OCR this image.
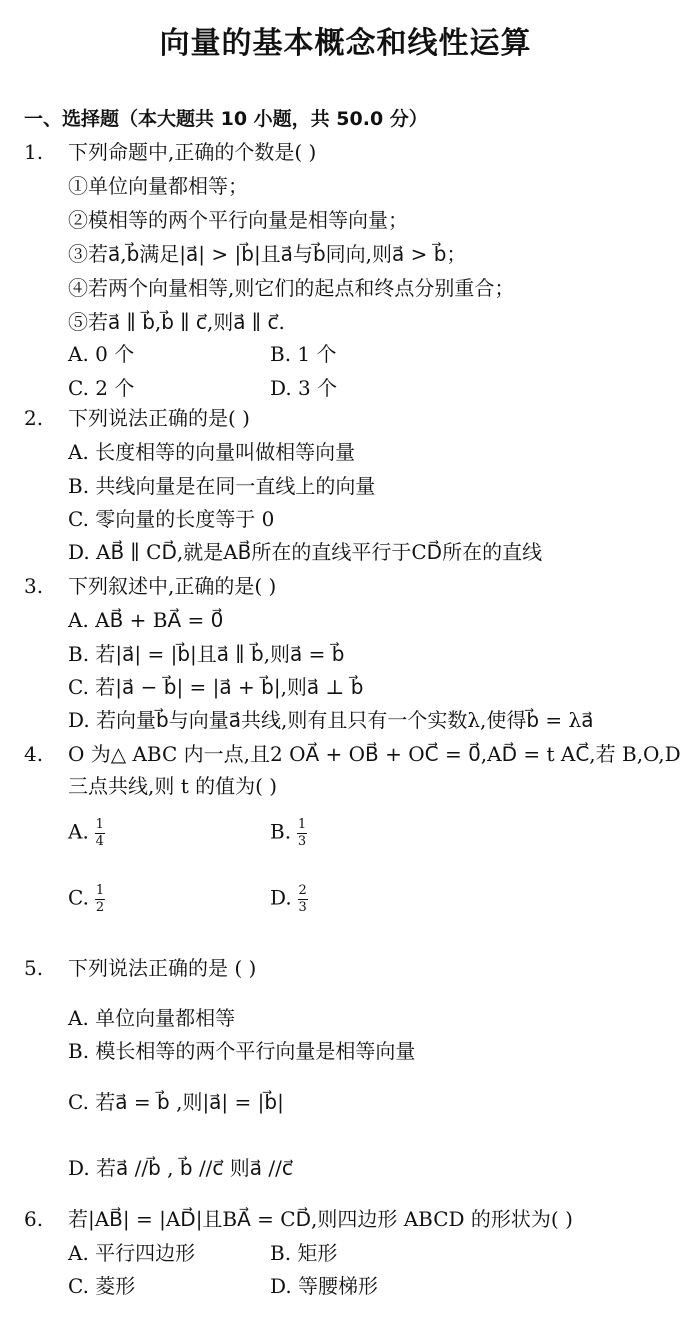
向量的基本概念和线性运算
一、选择题（本大题共 10 小题，共 50.0 分）
1. 下列命题中,正确的个数是( )
①单位向量都相等；
②模相等的两个平行向量是相等向量；
③若a⃗,b⃗满足|a⃗| > |b⃗|且a⃗与b⃗同向,则a⃗ > b⃗；
④若两个向量相等,则它们的起点和终点分别重合；
⑤若a⃗ ∥ b⃗,b⃗ ∥ c⃗,则a⃗ ∥ c⃗.
A. 0 个	B. 1 个
C. 2 个	D. 3 个
2. 下列说法正确的是( )
A. 长度相等的向量叫做相等向量
B. 共线向量是在同一直线上的向量
C. 零向量的长度等于 0
D. AB⃗ ∥ CD⃗,就是AB⃗所在的直线平行于CD⃗所在的直线
3. 下列叙述中,正确的是( )
A. AB⃗ + BA⃗ = 0⃗
B. 若|a⃗| = |b⃗|且a⃗ ∥ b⃗,则a⃗ = b⃗
C. 若|a⃗ − b⃗| = |a⃗ + b⃗|,则a⃗ ⊥ b⃗
D. 若向量b⃗与向量a⃗共线,则有且只有一个实数λ,使得b⃗ = λa⃗
4. O 为△ ABC 内一点,且2 OA⃗ + OB⃗ + OC⃗ = 0⃗,AD⃗ = t AC⃗,若 B,O,D
三点共线,则 t 的值为( )
A. $\frac{1}{4}$	B. $\frac{1}{3}$
C. $\frac{1}{2}$	D. $\frac{2}{3}$
5. 下列说法正确的是 ( )
A. 单位向量都相等
B. 模长相等的两个平行向量是相等向量
C. 若a⃗ = b⃗ ,则|a⃗| = |b⃗|
D. 若a⃗ //b⃗ , b⃗ //c⃗ 则a⃗ //c⃗
6. 若|AB⃗| = |AD⃗|且BA⃗ = CD⃗,则四边形 ABCD 的形状为( )
A. 平行四边形	B. 矩形
C. 菱形	D. 等腰梯形
